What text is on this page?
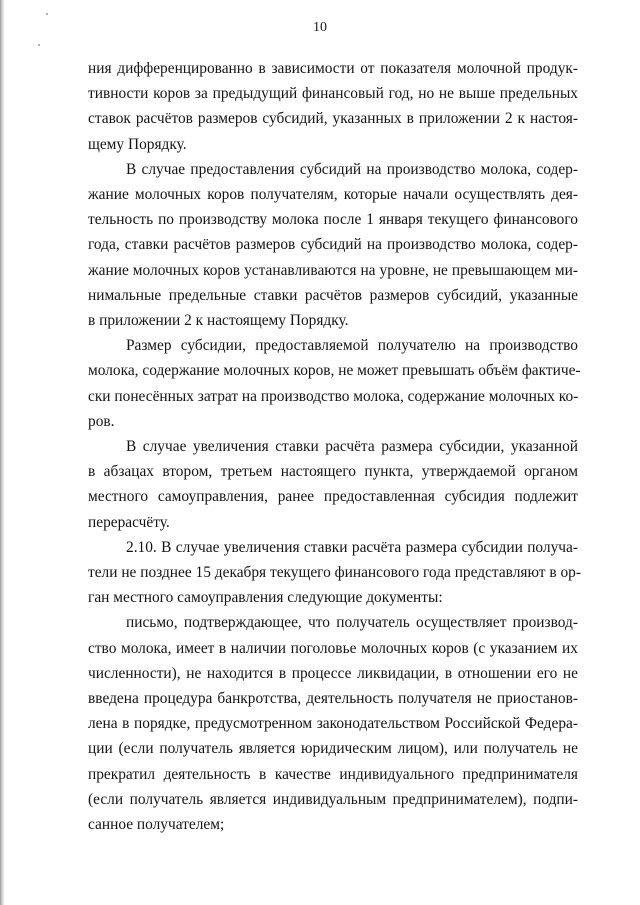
10

ния дифференцированно в зависимости от показателя молочной продук-
тивности коров за предыдущий финансовый год, но не выше предельных
ставок расчётов размеров субсидий, указанных в приложении 2 к настоя-
щему Порядку.

В случае предоставления субсидий на производство молока, содер-
жание молочных коров получателям, которые начали осуществлять дея-
тельность по производству молока после 1 января текущего финансового
года, ставки расчётов размеров субсидий на производство молока, содер-
жание молочных коров устанавливаются на уровне, не превышающем ми-
нимальные предельные ставки расчётов размеров субсидий, указанные
в приложении 2 к настоящему Порядку.

Размер субсидии, предоставляемой получателю на производство
молока, содержание молочных коров, не может превышать объём фактиче-
ски понесённых затрат на производство молока, содержание молочных ко-
ров.

В случае увеличения ставки расчёта размера субсидии, указанной
в абзацах втором, третьем настоящего пункта, утверждаемой органом
местного самоуправления, ранее предоставленная субсидия подлежит
перерасчёту.

2.10. В случае увеличения ставки расчёта размера субсидии получа-
тели не позднее 15 декабря текущего финансового года представляют в ор-
ган местного самоуправления следующие документы:

письмо, подтверждающее, что получатель осуществляет производ-
ство молока, имеет в наличии поголовье молочных коров (с указанием их
численности), не находится в процессе ликвидации, в отношении его не
введена процедура банкротства, деятельность получателя не приостанов-
лена в порядке, предусмотренном законодательством Российской Федера-
ции (если получатель является юридическим лицом), или получатель не
прекратил деятельность в качестве индивидуального предпринимателя
(если получатель является индивидуальным предпринимателем), подпи-
санное получателем;
